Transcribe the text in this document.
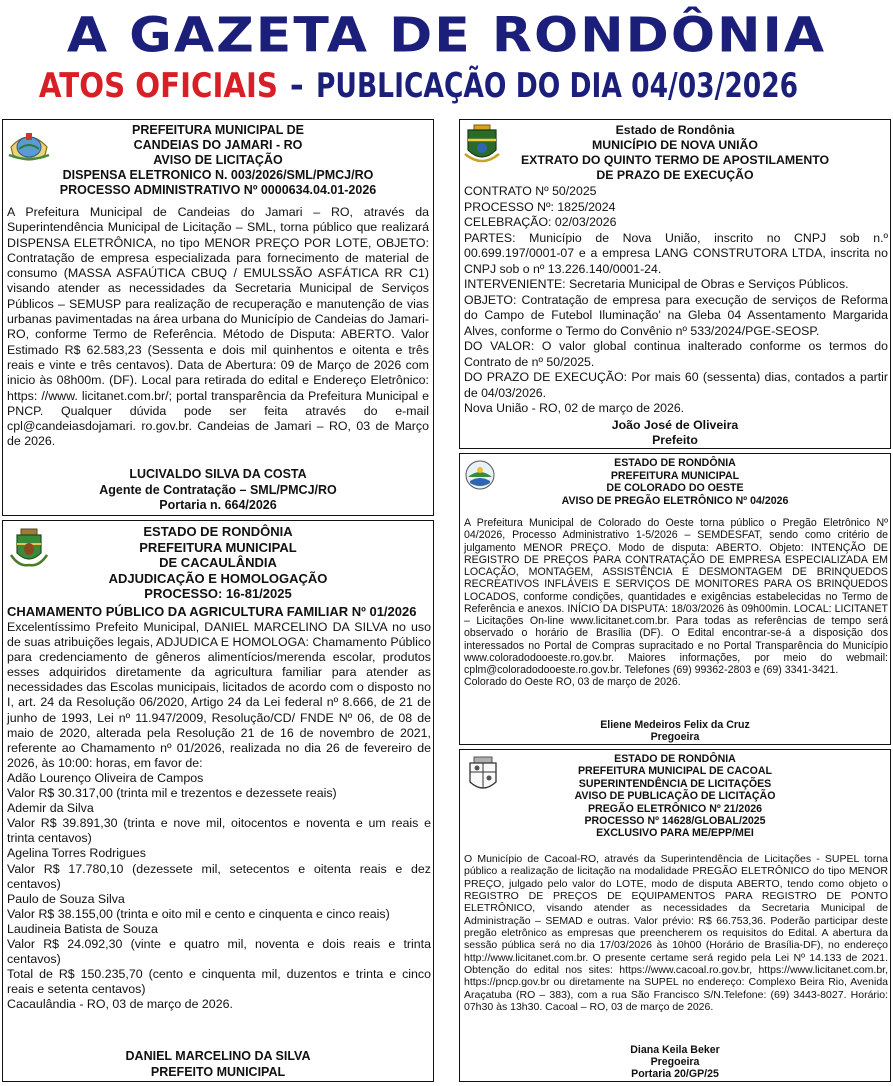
A GAZETA DE RONDÔNIA
ATOS OFICIAIS - PUBLICAÇÃO DO DIA 04/03/2026
PREFEITURA MUNICIPAL DE
CANDEIAS DO JAMARI - RO
AVISO DE LICITAÇÃO
DISPENSA ELETRONICO N. 003/2026/SML/PMCJ/RO
PROCESSO ADMINISTRATIVO Nº 0000634.04.01-2026
A Prefeitura Municipal de Candeias do Jamari – RO, através da Superintendência Municipal de Licitação – SML, torna público que realizará DISPENSA ELETRÔNICA, no tipo MENOR PREÇO POR LOTE, OBJETO: Contratação de empresa especializada para fornecimento de material de consumo (MASSA ASFAÚTICA CBUQ / EMULSSÃO ASFÁTICA RR C1) visando atender as necessidades da Secretaria Municipal de Serviços Públicos – SEMUSP para realização de recuperação e manutenção de vias urbanas pavimentadas na área urbana do Município de Candeias do Jamari-RO, conforme Termo de Referência. Método de Disputa: ABERTO. Valor Estimado R$ 62.583,23 (Sessenta e dois mil quinhentos e oitenta e três reais e vinte e três centavos). Data de Abertura: 09 de Março de 2026 com inicio às 08h00m. (DF). Local para retirada do edital e Endereço Eletrônico: https: //www. licitanet.com.br/; portal transparência da Prefeitura Municipal e PNCP. Qualquer dúvida pode ser feita através do e-mail cpl@candeiasdojamari. ro.gov.br. Candeias de Jamari – RO, 03 de Março de 2026.
LUCIVALDO SILVA DA COSTA
Agente de Contratação – SML/PMCJ/RO
Portaria n. 664/2026
ESTADO DE RONDÔNIA
PREFEITURA MUNICIPAL
DE CACAULÂNDIA
ADJUDICAÇÃO E HOMOLOGAÇÃO
PROCESSO: 16-81/2025
CHAMAMENTO PÚBLICO DA AGRICULTURA FAMILIAR Nº 01/2026

Excelentíssimo Prefeito Municipal, DANIEL MARCELINO DA SILVA no uso de suas atribuições legais, ADJUDICA E HOMOLOGA: Chamamento Público para credenciamento de gêneros alimentícios/merenda escolar, produtos esses adquiridos diretamente da agricultura familiar para atender as necessidades das Escolas municipais, licitados de acordo com o disposto no I, art. 24 da Resolução 06/2020, Artigo 24 da Lei federal nº 8.666, de 21 de junho de 1993, Lei nº 11.947/2009, Resolução/CD/ FNDE Nº 06, de 08 de maio de 2020, alterada pela Resolução 21 de 16 de novembro de 2021, referente ao Chamamento nº 01/2026, realizada no dia 26 de fevereiro de 2026, às 10:00: horas, em favor de:

Adão Lourenço Oliveira de Campos

Valor R$ 30.317,00 (trinta mil e trezentos e dezessete reais)

Ademir da Silva

Valor R$ 39.891,30 (trinta e nove mil, oitocentos e noventa e um reais e trinta centavos)

Agelina Torres Rodrigues

Valor R$ 17.780,10 (dezessete mil, setecentos e oitenta reais e dez centavos)

Paulo de Souza Silva

Valor R$ 38.155,00 (trinta e oito mil e cento e cinquenta e cinco reais)

Laudineia Batista de Souza

Valor R$ 24.092,30 (vinte e quatro mil, noventa e dois reais e trinta centavos)

Total de R$ 150.235,70 (cento e cinquenta mil, duzentos e trinta e cinco reais e setenta centavos)

Cacaulândia - RO, 03 de março de 2026.

DANIEL MARCELINO DA SILVA
PREFEITO MUNICIPAL
Estado de Rondônia
MUNICÍPIO DE NOVA UNIÃO
EXTRATO DO QUINTO TERMO DE APOSTILAMENTO
DE PRAZO DE EXECUÇÃO

CONTRATO Nº 50/2025

PROCESSO Nº: 1825/2024

CELEBRAÇÃO: 02/03/2026

PARTES: Município de Nova União, inscrito no CNPJ sob n.º 00.699.197/0001-07 e a empresa LANG CONSTRUTORA LTDA, inscrita no CNPJ sob o nº 13.226.140/0001-24.

INTERVENIENTE: Secretaria Municipal de Obras e Serviços Públicos.

OBJETO: Contratação de empresa para execução de serviços de Reforma do Campo de Futebol Iluminação' na Gleba 04 Assentamento Margarida Alves, conforme o Termo do Convênio nº 533/2024/PGE-SEOSP.

DO VALOR: O valor global continua inalterado conforme os termos do Contrato de nº 50/2025.

DO PRAZO DE EXECUÇÃO: Por mais 60 (sessenta) dias, contados a partir de 04/03/2026.

Nova União - RO, 02 de março de 2026.

João José de Oliveira
Prefeito
ESTADO DE RONDÔNIA
PREFEITURA MUNICIPAL
DE COLORADO DO OESTE
AVISO DE PREGÃO ELETRÔNICO Nº 04/2026

A Prefeitura Municipal de Colorado do Oeste torna público o Pregão Eletrônico Nº 04/2026, Processo Administrativo 1-5/2026 – SEMDESFAT, sendo como critério de julgamento MENOR PREÇO. Modo de disputa: ABERTO. Objeto: INTENÇÃO DE REGISTRO DE PREÇOS PARA CONTRATAÇÃO DE EMPRESA ESPECIALIZADA EM LOCAÇÃO, MONTAGEM, ASSISTÊNCIA E DESMONTAGEM DE BRINQUEDOS RECREATIVOS INFLÁVEIS E SERVIÇOS DE MONITORES PARA OS BRINQUEDOS LOCADOS, conforme condições, quantidades e exigências estabelecidas no Termo de Referência e anexos. INÍCIO DA DISPUTA: 18/03/2026 às 09h00min. LOCAL: LICITANET – Licitações On-line www.licitanet.com.br. Para todas as referências de tempo será observado o horário de Brasília (DF). O Edital encontrar-se-á a disposição dos interessados no Portal de Compras supracitado e no Portal Transparência do Município www.coloradodooeste.ro.gov.br. Maiores informações, por meio do webmail: cplm@coloradodooeste.ro.gov.br. Telefones (69) 99362-2803 e (69) 3341-3421.

Colorado do Oeste RO, 03 de março de 2026.

Eliene Medeiros Felix da Cruz
Pregoeira
ESTADO DE RONDÔNIA
PREFEITURA MUNICIPAL DE CACOAL
SUPERINTENDÊNCIA DE LICITAÇÕES
AVISO DE PUBLICAÇÃO DE LICITAÇÃO
PREGÃO ELETRÔNICO Nº 21/2026
PROCESSO Nº 14628/GLOBAL/2025
EXCLUSIVO PARA ME/EPP/MEI
O Município de Cacoal-RO, através da Superintendência de Licitações - SUPEL torna público a realização de licitação na modalidade PREGÃO ELETRÔNICO do tipo MENOR PREÇO, julgado pelo valor do LOTE, modo de disputa ABERTO, tendo como objeto o REGISTRO DE PREÇOS DE EQUIPAMENTOS PARA REGISTRO DE PONTO ELETRÔNICO, visando atender as necessidades da Secretaria Municipal de Administração – SEMAD e outras. Valor prévio: R$ 66.753,36. Poderão participar deste pregão eletrônico as empresas que preencherem os requisitos do Edital. A abertura da sessão pública será no dia 17/03/2026 às 10h00 (Horário de Brasília-DF), no endereço http://www.licitanet.com.br. O presente certame será regido pela Lei Nº 14.133 de 2021. Obtenção do edital nos sites: https://www.cacoal.ro.gov.br, https://www.licitanet.com.br, https://pncp.gov.br ou diretamente na SUPEL no endereço: Complexo Beira Rio, Avenida Araçatuba (RO – 383), com a rua São Francisco S/N.Telefone: (69) 3443-8027. Horário: 07h30 às 13h30. Cacoal – RO, 03 de março de 2026.
Diana Keila Beker
Pregoeira
Portaria 20/GP/25
